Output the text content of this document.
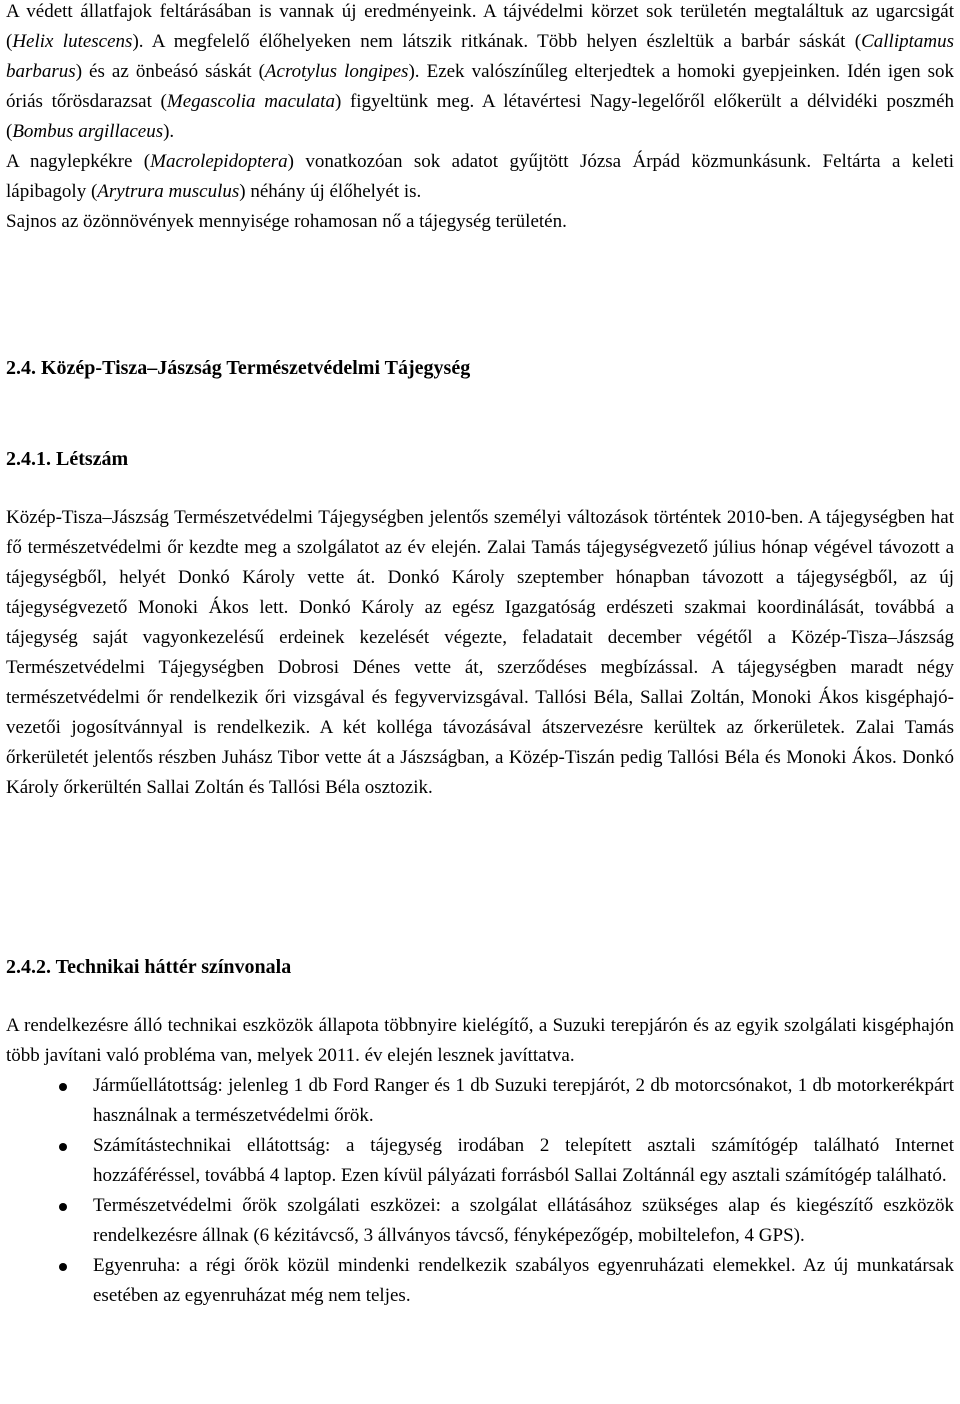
A védett állatfajok feltárásában is vannak új eredményeink. A tájvédelmi körzet sok területén megtaláltuk az ugarcsigát (Helix lutescens). A megfelelő élőhelyeken nem látszik ritkának. Több helyen észleltük a barbár sáskát (Calliptamus barbarus) és az önbeásó sáskát (Acrotylus longipes). Ezek valószínűleg elterjedtek a homoki gyepjeinken. Idén igen sok óriás tőrösdarazsat (Megascolia maculata) figyeltünk meg. A létavértesi Nagy-legelőről előkerült a délvidéki poszméh (Bombus argillaceus).

A nagylepkékre (Macrolepidoptera) vonatkozóan sok adatot gyűjtött Józsa Árpád közmunkásunk. Feltárta a keleti lápibagoly (Arytrura musculus) néhány új élőhelyét is.

Sajnos az özönnövények mennyisége rohamosan nő a tájegység területén.

2.4. Közép-Tisza–Jászság Természetvédelmi Tájegység
2.4.1. Létszám

Közép-Tisza–Jászság Természetvédelmi Tájegységben jelentős személyi változások történtek 2010-ben. A tájegységben hat fő természetvédelmi őr kezdte meg a szolgálatot az év elején. Zalai Tamás tájegységvezető július hónap végével távozott a tájegységből, helyét Donkó Károly vette át. Donkó Károly szeptember hónapban távozott a tájegységből, az új tájegységvezető Monoki Ákos lett. Donkó Károly az egész Igazgatóság erdészeti szakmai koordinálását, továbbá a tájegység saját vagyonkezelésű erdeinek kezelését végezte, feladatait december végétől a Közép-Tisza–Jászság Természetvédelmi Tájegységben Dobrosi Dénes vette át, szerződéses megbízással. A tájegységben maradt négy természetvédelmi őr rendelkezik őri vizsgával és fegyvervizsgával. Tallósi Béla, Sallai Zoltán, Monoki Ákos kisgéphajó-vezetői jogosítvánnyal is rendelkezik. A két kolléga távozásával átszervezésre kerültek az őrkerületek. Zalai Tamás őrkerületét jelentős részben Juhász Tibor vette át a Jászságban, a Közép-Tiszán pedig Tallósi Béla és Monoki Ákos. Donkó Károly őrkerültén Sallai Zoltán és Tallósi Béla osztozik.

2.4.2. Technikai háttér színvonala

A rendelkezésre álló technikai eszközök állapota többnyire kielégítő, a Suzuki terepjárón és az egyik szolgálati kisgéphajón több javítani való probléma van, melyek 2011. év elején lesznek javíttatva.

Járműellátottság: jelenleg 1 db Ford Ranger és 1 db Suzuki terepjárót, 2 db motorcsónakot, 1 db motorkerékpárt használnak a természetvédelmi őrök.
Számítástechnikai ellátottság: a tájegység irodában 2 telepített asztali számítógép található Internet hozzáféréssel, továbbá 4 laptop. Ezen kívül pályázati forrásból Sallai Zoltánnál egy asztali számítógép található.
Természetvédelmi őrök szolgálati eszközei: a szolgálat ellátásához szükséges alap és kiegészítő eszközök rendelkezésre állnak (6 kézitávcső, 3 állványos távcső, fényképezőgép, mobiltelefon, 4 GPS).
Egyenruha: a régi őrök közül mindenki rendelkezik szabályos egyenruházati elemekkel. Az új munkatársak esetében az egyenruházat még nem teljes.
